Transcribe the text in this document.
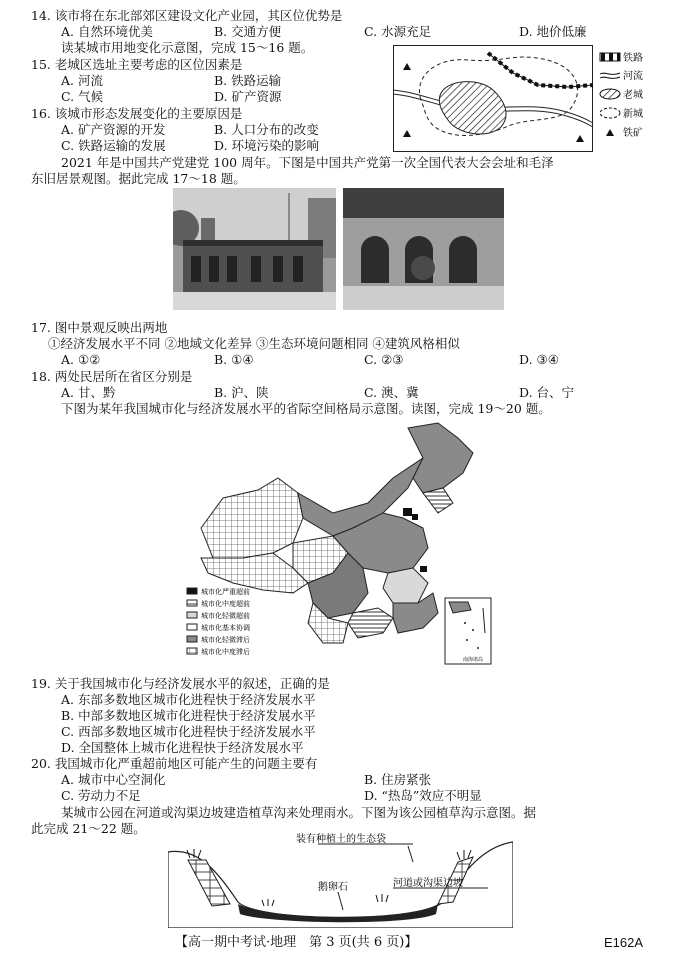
14. 该市将在东北部郊区建设文化产业园，其区位优势是
A. 自然环境优美	B. 交通方便	C. 水源充足	D. 地价低廉
读某城市用地变化示意图，完成 15～16 题。
15. 老城区选址主要考虑的区位因素是
A. 河流	B. 铁路运输
C. 气候	D. 矿产资源
16. 该城市形态发展变化的主要原因是
A. 矿产资源的开发	B. 人口分布的改变
C. 铁路运输的发展	D. 环境污染的影响
铁路
河流
老城
新城
铁矿
2021 年是中国共产党建党 100 周年。下图是中国共产党第一次全国代表大会会址和毛泽
东旧居景观图。据此完成 17～18 题。
17. 图中景观反映出两地
①经济发展水平不同 ②地域文化差异 ③生态环境问题相同 ④建筑风格相似
A. ①②	B. ①④	C. ②③	D. ③④
18. 两处民居所在省区分别是
A. 甘、黔	B. 沪、陕	C. 澳、冀	D. 台、宁
下图为某年我国城市化与经济发展水平的省际空间格局示意图。读图，完成 19～20 题。
城市化严重超前
城市化中度超前
城市化轻微超前
城市化基本协调
城市化轻微滞后
城市化中度滞后
南海诸岛
19. 关于我国城市化与经济发展水平的叙述，正确的是
A. 东部多数地区城市化进程快于经济发展水平
B. 中部多数地区城市化进程快于经济发展水平
C. 西部多数地区城市化进程快于经济发展水平
D. 全国整体上城市化进程快于经济发展水平
20. 我国城市化严重超前地区可能产生的问题主要有
A. 城市中心空洞化	B. 住房紧张
C. 劳动力不足	D. “热岛”效应不明显
某城市公园在河道或沟渠边坡建造植草沟来处理雨水。下图为该公园植草沟示意图。据
此完成 21～22 题。
装有种植土的生态袋
鹅卵石	河道或沟渠边坡
【高一期中考试·地理　第 3 页(共 6 页)】	E162A
